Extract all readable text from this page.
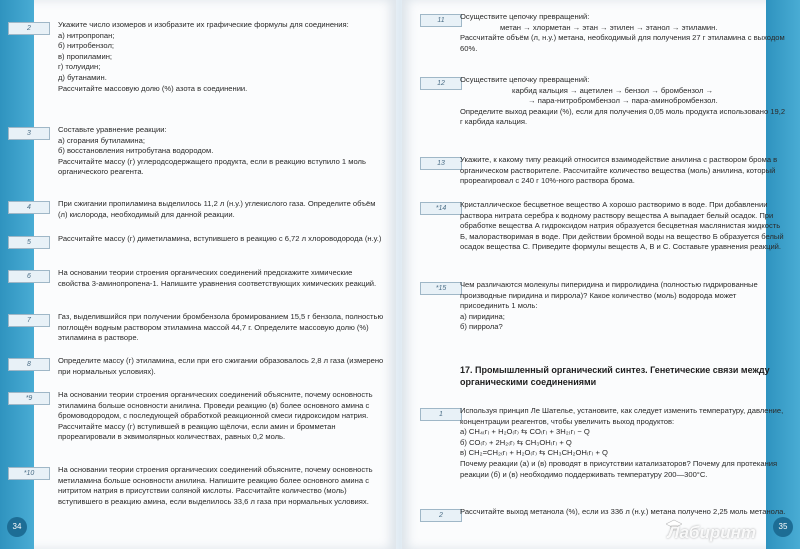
34
2	Укажите число изомеров и изобразите их графические формулы для соединения:

а) нитропропан;

б) нитробензол;

в) пропиламин;

г) толуидин;

д) бутанамин.

Рассчитайте массовую долю (%) азота в соединении.

3	Составьте уравнение реакции:

а) сгорания бутиламина;

б) восстановления нитробутана водородом.

Рассчитайте массу (г) углеродсодержащего продукта, если в реакцию вступило 1 моль органического реагента.

4	При сжигании пропиламина выделилось 11,2 л (н.у.) углекислого газа. Определите объём (л) кислорода, необходимый для данной реакции.

5	Рассчитайте массу (г) диметиламина, вступившего в реакцию с 6,72 л хлороводорода (н.у.)

6	На основании теории строения органических соединений предскажите химические свойства 3-аминопропена-1. Напишите уравнения соответствующих химических реакций.

7	Газ, выделившийся при получении бромбензола бромированием 15,5 г бензола, полностью поглощён водным раствором этиламина массой 44,7 г. Определите массовую долю (%) этиламина в растворе.

8	Определите массу (г) этиламина, если при его сжигании образовалось 2,8 л газа (измерено при нормальных условиях).

*9	На основании теории строения органических соединений объясните, почему основность этиламина больше основности анилина. Проведи реакцию (в) более основного амина с бромоводородом, с последующей обработкой реакционной смеси гидроксидом натрия. Рассчитайте массу (г) вступившей в реакцию щёлочи, если амин и бромметан прореагировали в эквимолярных количествах, равных 0,2 моль.

*10	На основании теории строения органических соединений объясните, почему основность метиламина больше основности анилина. Напишите реакцию более основного амина с нитритом натрия в присутствии соляной кислоты. Рассчитайте количество (моль) вступившего в реакцию амина, если выделилось 33,6 л газа при нормальных условиях.

35
11	Осуществите цепочку превращений:

метан → хлорметан → этан → этилен → этанол → этиламин.

Рассчитайте объём (л, н.у.) метана, необходимый для получения 27 г этиламина с выходом 60%.

12	Осуществите цепочку превращений:

карбид кальция → ацетилен → бензол → бромбензол →

→ пара-нитробромбензол → пара-аминобромбензол.

Определите выход реакции (%), если для получения 0,05 моль продукта использовано 19,2 г карбида кальция.

13	Укажите, к какому типу реакций относится взаимодействие анилина с раствором брома в органическом растворителе. Рассчитайте количество вещества (моль) анилина, который прореагировал с 240 г 10%-ного раствора брома.

*14	Кристаллическое бесцветное вещество А хорошо растворимо в воде. При добавлении раствора нитрата серебра к водному раствору вещества А выпадает белый осадок. При обработке вещества А гидроксидом натрия образуется бесцветная маслянистая жидкость Б, малорастворимая в воде. При действии бромной воды на вещество Б образуется белый осадок вещества С. Приведите формулы веществ А, В и С. Составьте уравнения реакций.

*15	Чем различаются молекулы пиперидина и пирролидина (полностью гидрированные производные пиридина и пиррола)? Какое количество (моль) водорода может присоединить 1 моль:

а) пиридина;

б) пиррола?

17. Промышленный органический синтез. Генетические связи между органическими соединениями
1	Используя принцип Ле Шателье, установите, как следует изменить температуру, давление, концентрации реагентов, чтобы увеличить выход продуктов:

а) CH₄₍г₎ + H₂O₍г₎ ⇆ CO₍г₎ + 3H₂₍г₎ − Q

б) CO₍г₎ + 2H₂₍г₎ ⇆ CH₃OH₍г₎ + Q

в) CH₂=CH₂₍г₎ + H₂O₍г₎ ⇆ CH₃CH₂OH₍г₎ + Q

Почему реакции (а) и (в) проводят в присутствии катализаторов? Почему для протекания реакции (б) и (в) необходимо поддерживать температуру 200—300°С.

2	Рассчитайте выход метанола (%), если из 336 л (н.у.) метана получено 2,25 моль метанола.

Лабиринт
